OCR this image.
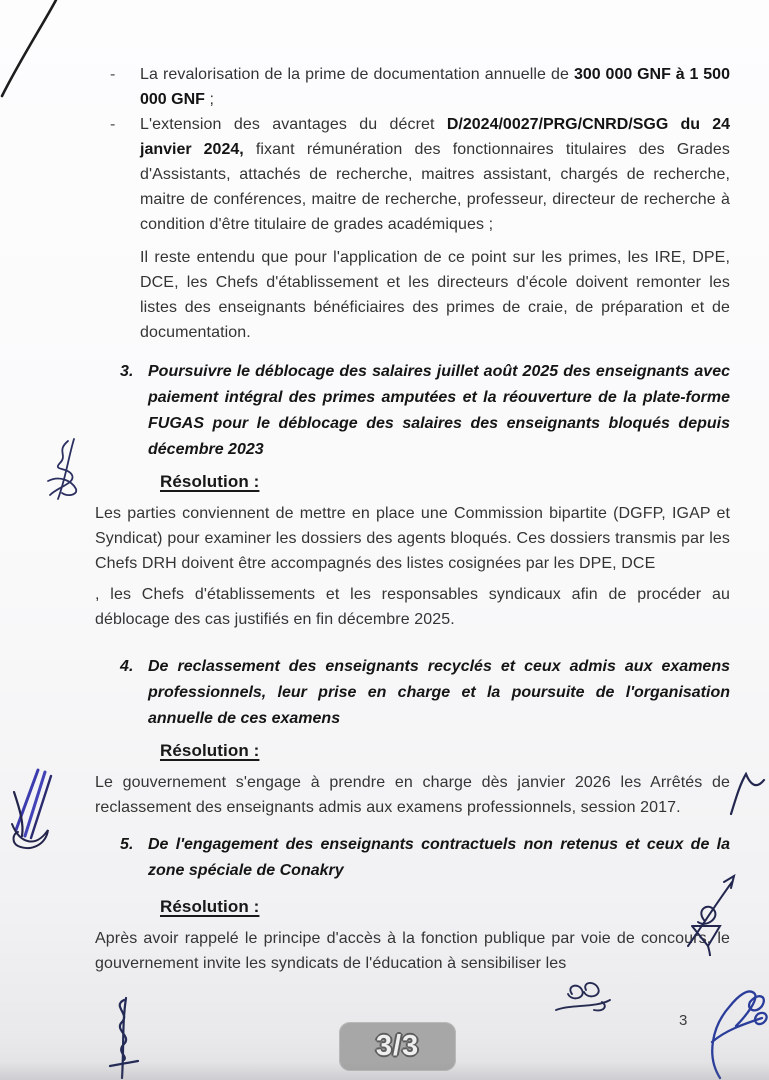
-	La revalorisation de la prime de documentation annuelle de 300 000 GNF à 1 500 000 GNF ;
-	L'extension des avantages du décret D/2024/0027/PRG/CNRD/SGG du 24 janvier 2024, fixant rémunération des fonctionnaires titulaires des Grades d'Assistants, attachés de recherche, maitres assistant, chargés de recherche, maitre de conférences, maitre de recherche, professeur, directeur de recherche à condition d'être titulaire de grades académiques ;

Il reste entendu que pour l'application de ce point sur les primes, les IRE, DPE, DCE, les Chefs d'établissement et les directeurs d'école doivent remonter les listes des enseignants bénéficiaires des primes de craie, de préparation et de documentation.

3. Poursuivre le déblocage des salaires juillet août 2025 des enseignants avec paiement intégral des primes amputées et la réouverture de la plate-forme FUGAS pour le déblocage des salaires des enseignants bloqués depuis décembre 2023
Résolution :

Les parties conviennent de mettre en place une Commission bipartite (DGFP, IGAP et Syndicat) pour examiner les dossiers des agents bloqués. Ces dossiers transmis par les Chefs DRH doivent être accompagnés des listes cosignées par les DPE, DCE

, les Chefs d'établissements et les responsables syndicaux afin de procéder au déblocage des cas justifiés en fin décembre 2025.

4. De reclassement des enseignants recyclés et ceux admis aux examens professionnels, leur prise en charge et la poursuite de l'organisation annuelle de ces examens
Résolution :

Le gouvernement s'engage à prendre en charge dès janvier 2026 les Arrêtés de reclassement des enseignants admis aux examens professionnels, session 2017.

5. De l'engagement des enseignants contractuels non retenus et ceux de la zone spéciale de Conakry
Résolution :

Après avoir rappelé le principe d'accès à la fonction publique par voie de concours, le gouvernement invite les syndicats de l'éducation à sensibiliser les

3/3
3
